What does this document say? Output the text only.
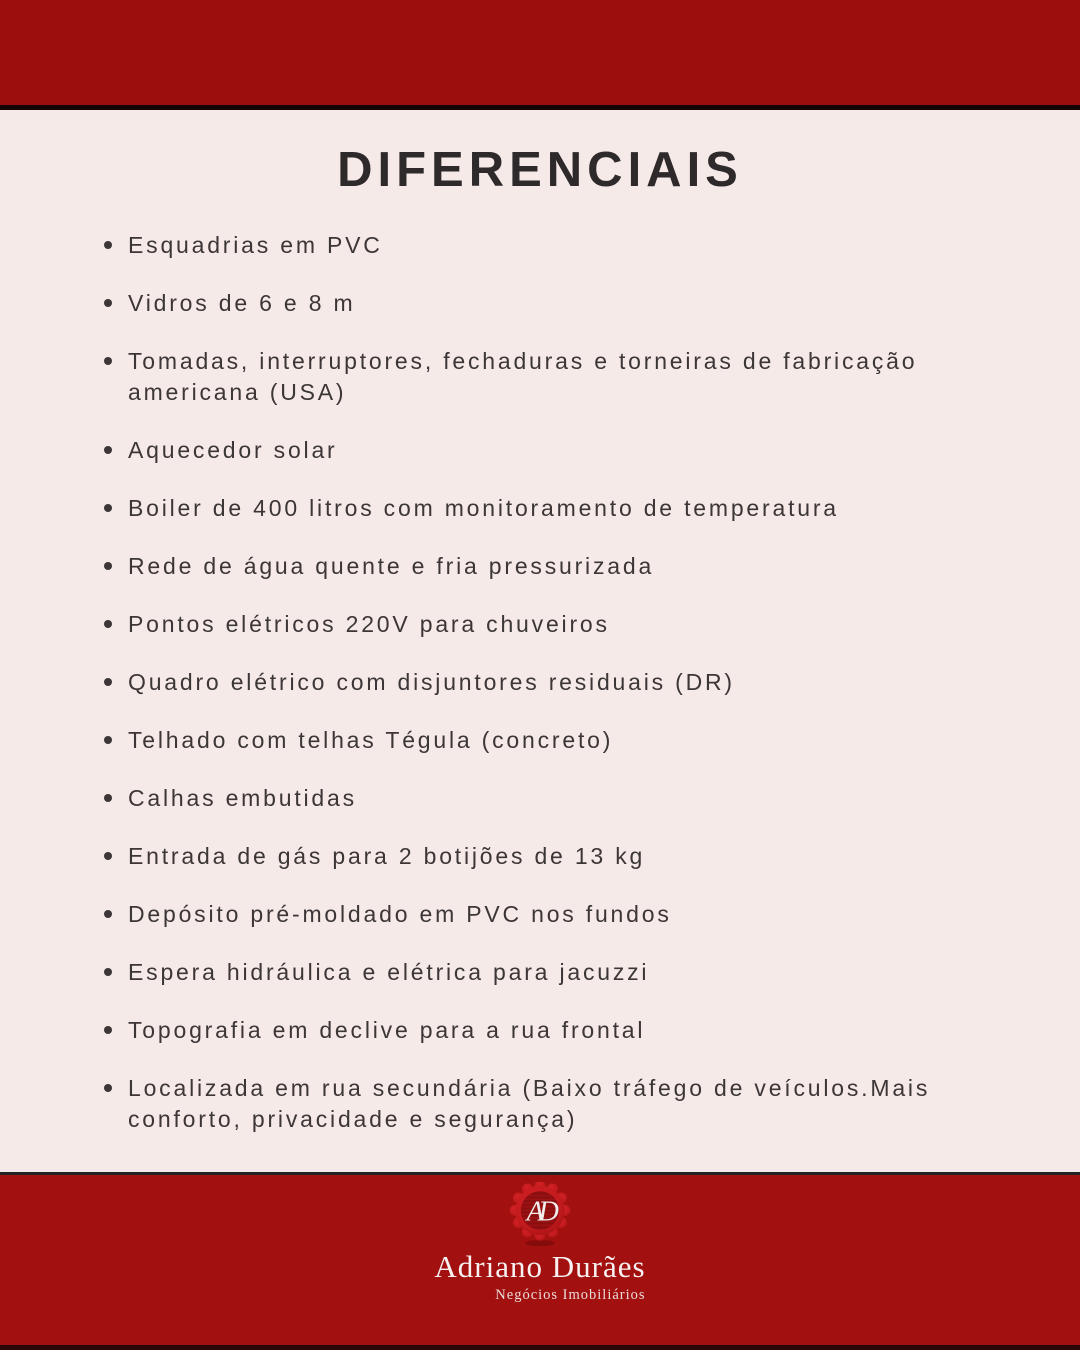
DIFERENCIAIS
Esquadrias em PVC
Vidros de 6 e 8 m
Tomadas, interruptores, fechaduras e torneiras de fabricação americana (USA)
Aquecedor solar
Boiler de 400 litros com monitoramento de temperatura
Rede de água quente e fria pressurizada
Pontos elétricos 220V para chuveiros
Quadro elétrico com disjuntores residuais (DR)
Telhado com telhas Tégula (concreto)
Calhas embutidas
Entrada de gás para 2 botijões de 13 kg
Depósito pré-moldado em PVC nos fundos
Espera hidráulica e elétrica para jacuzzi
Topografia em declive para a rua frontal
Localizada em rua secundária (Baixo tráfego de veículos.Mais conforto, privacidade e segurança)
AD
Adriano Durães
Negócios Imobiliários
